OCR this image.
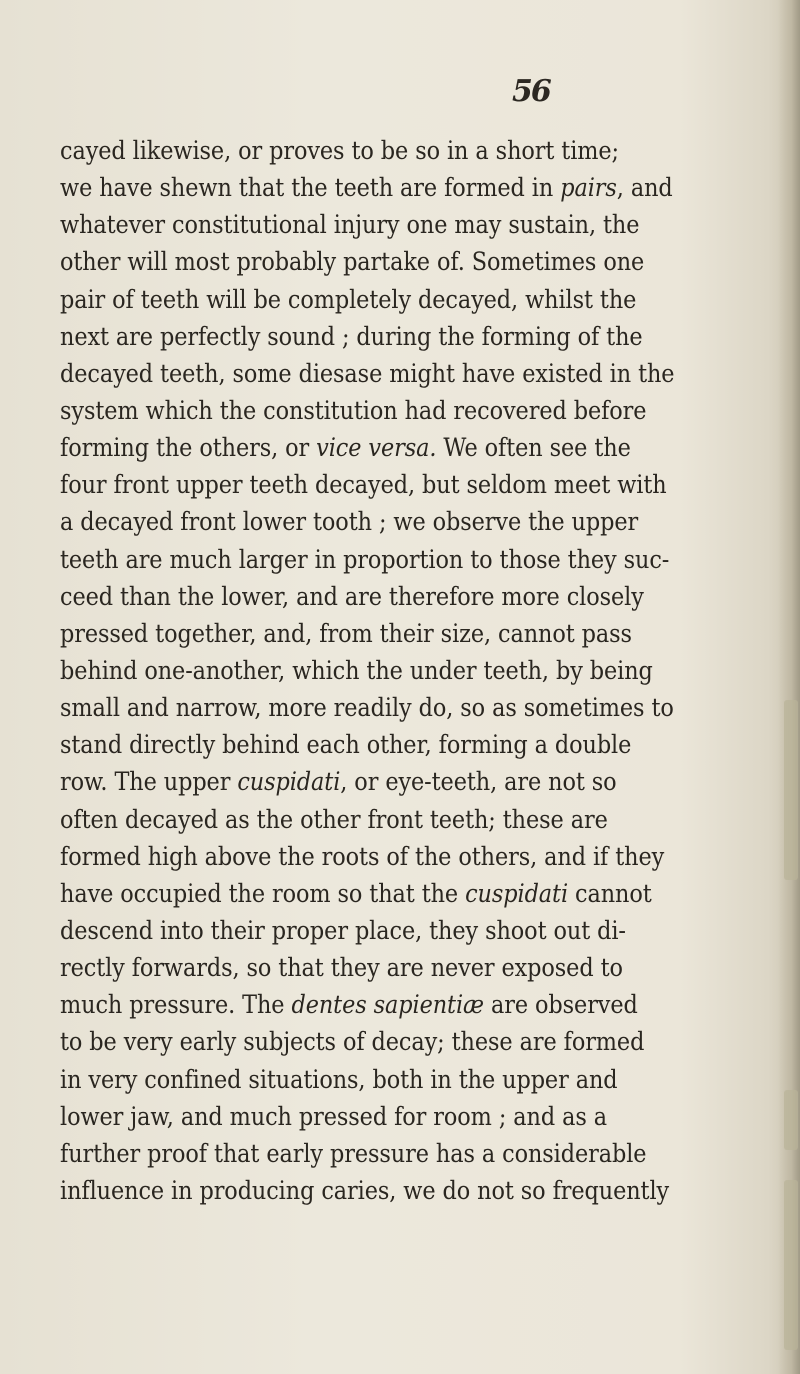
56

cayed likewise, or proves to be so in a short time;
we have shewn that the teeth are formed in pairs, and
whatever constitutional injury one may sustain, the
other will most probably partake of. Sometimes one
pair of teeth will be completely decayed, whilst the
next are perfectly sound ; during the forming of the
decayed teeth, some diesase might have existed in the
system which the constitution had recovered before
forming the others, or vice versa. We often see the
four front upper teeth decayed, but seldom meet with
a decayed front lower tooth ; we observe the upper
teeth are much larger in proportion to those they suc-
ceed than the lower, and are therefore more closely
pressed together, and, from their size, cannot pass
behind one-another, which the under teeth, by being
small and narrow, more readily do, so as sometimes to
stand directly behind each other, forming a double
row. The upper cuspidati, or eye-teeth, are not so
often decayed as the other front teeth; these are
formed high above the roots of the others, and if they
have occupied the room so that the cuspidati cannot
descend into their proper place, they shoot out di-
rectly forwards, so that they are never exposed to
much pressure. The dentes sapientiæ are observed
to be very early subjects of decay; these are formed
in very confined situations, both in the upper and
lower jaw, and much pressed for room ; and as a
further proof that early pressure has a considerable
influence in producing caries, we do not so frequently
